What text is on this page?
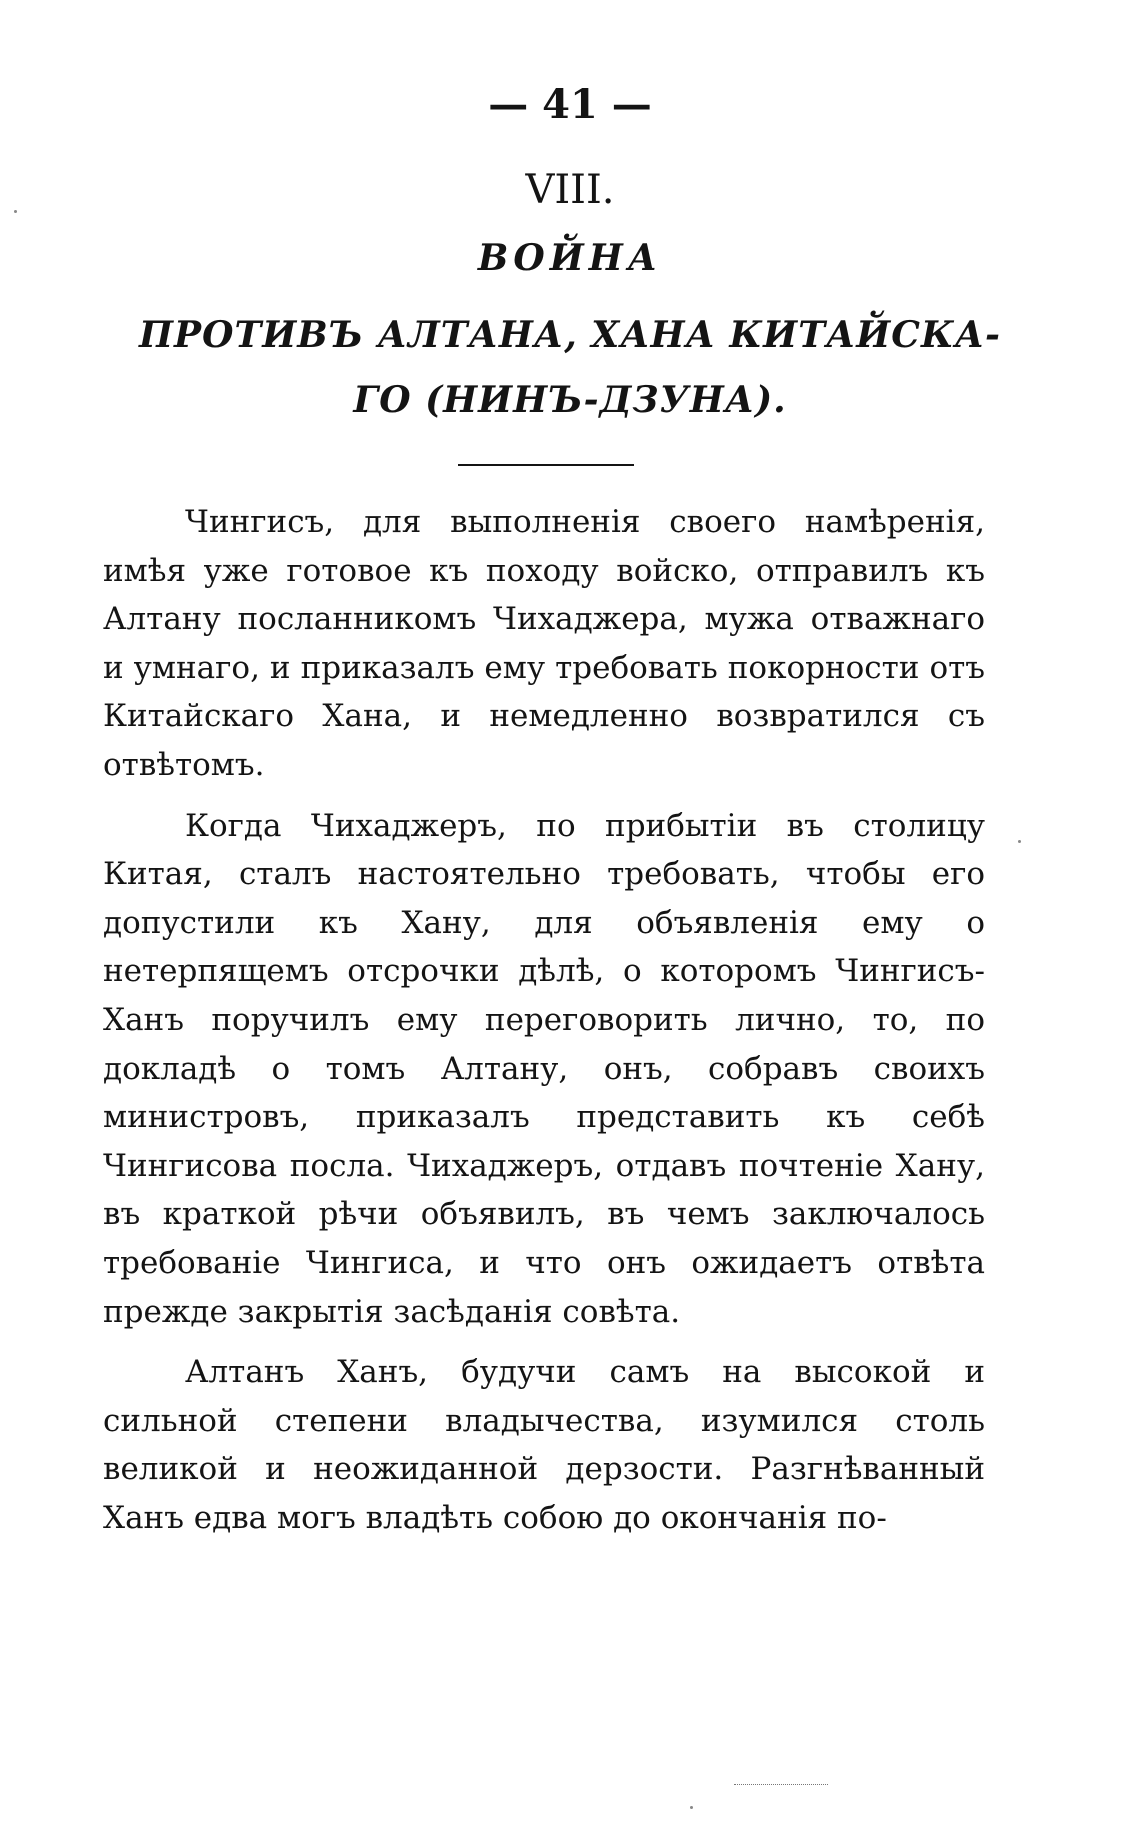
— 41 —
VIII.
ВОЙНА
ПРОТИВЪ АЛТАНА, ХАНА КИТАЙСКА-
ГО (НИНЪ-ДЗУНА).

Чингисъ, для выполненія своего намѣренія, имѣя уже готовое къ походу войско, отправилъ къ Алтану посланникомъ Чихаджера, мужа отважнаго и умнаго, и приказалъ ему требовать покорности отъ Китайскаго Хана, и немедленно возвратился съ отвѣтомъ.

Когда Чихаджеръ, по прибытіи въ столицу Китая, сталъ настоятельно требовать, чтобы его допустили къ Хану, для объявленія ему о нетерпящемъ отсрочки дѣлѣ, о которомъ Чингисъ-Ханъ поручилъ ему переговорить лично, то, по докладѣ о томъ Алтану, онъ, собравъ своихъ министровъ, приказалъ представить къ себѣ Чингисова посла. Чихаджеръ, отдавъ почтеніе Хану, въ краткой рѣчи объявилъ, въ чемъ заключалось требованіе Чингиса, и что онъ ожидаетъ отвѣта прежде закрытія засѣданія совѣта.

Алтанъ Ханъ, будучи самъ на высокой и сильной степени владычества, изумился столь великой и неожиданной дерзости. Разгнѣванный Ханъ едва могъ владѣть собою до окончанія по-
